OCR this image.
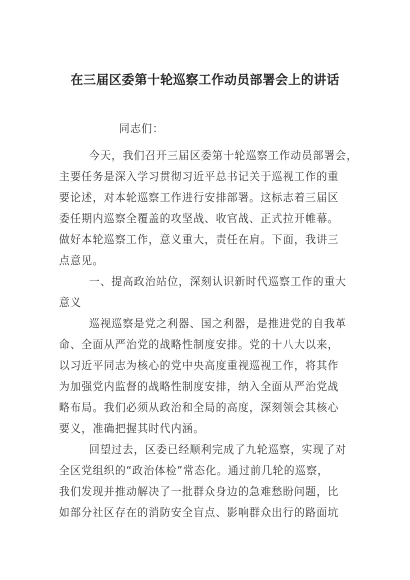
在三届区委第十轮巡察工作动员部署会上的讲话
同志们：
今天，我们召开三届区委第十轮巡察工作动员部署会，
主要任务是深入学习贯彻习近平总书记关于巡视工作的重
要论述，对本轮巡察工作进行安排部署。这标志着三届区
委任期内巡察全覆盖的攻坚战、收官战、正式拉开帷幕。
做好本轮巡察工作，意义重大，责任在肩。下面，我讲三
点意见。
一、提高政治站位，深刻认识新时代巡察工作的重大
意义
巡视巡察是党之利器、国之利器，是推进党的自我革
命、全面从严治党的战略性制度安排。党的十八大以来，
以习近平同志为核心的党中央高度重视巡视工作，将其作
为加强党内监督的战略性制度安排，纳入全面从严治党战
略布局。我们必须从政治和全局的高度，深刻领会其核心
要义，准确把握其时代内涵。
回望过去，区委已经顺利完成了九轮巡察，实现了对
全区党组织的“政治体检”常态化。通过前几轮的巡察，
我们发现并推动解决了一批群众身边的急难愁盼问题，比
如部分社区存在的消防安全盲点、影响群众出行的路面坑
